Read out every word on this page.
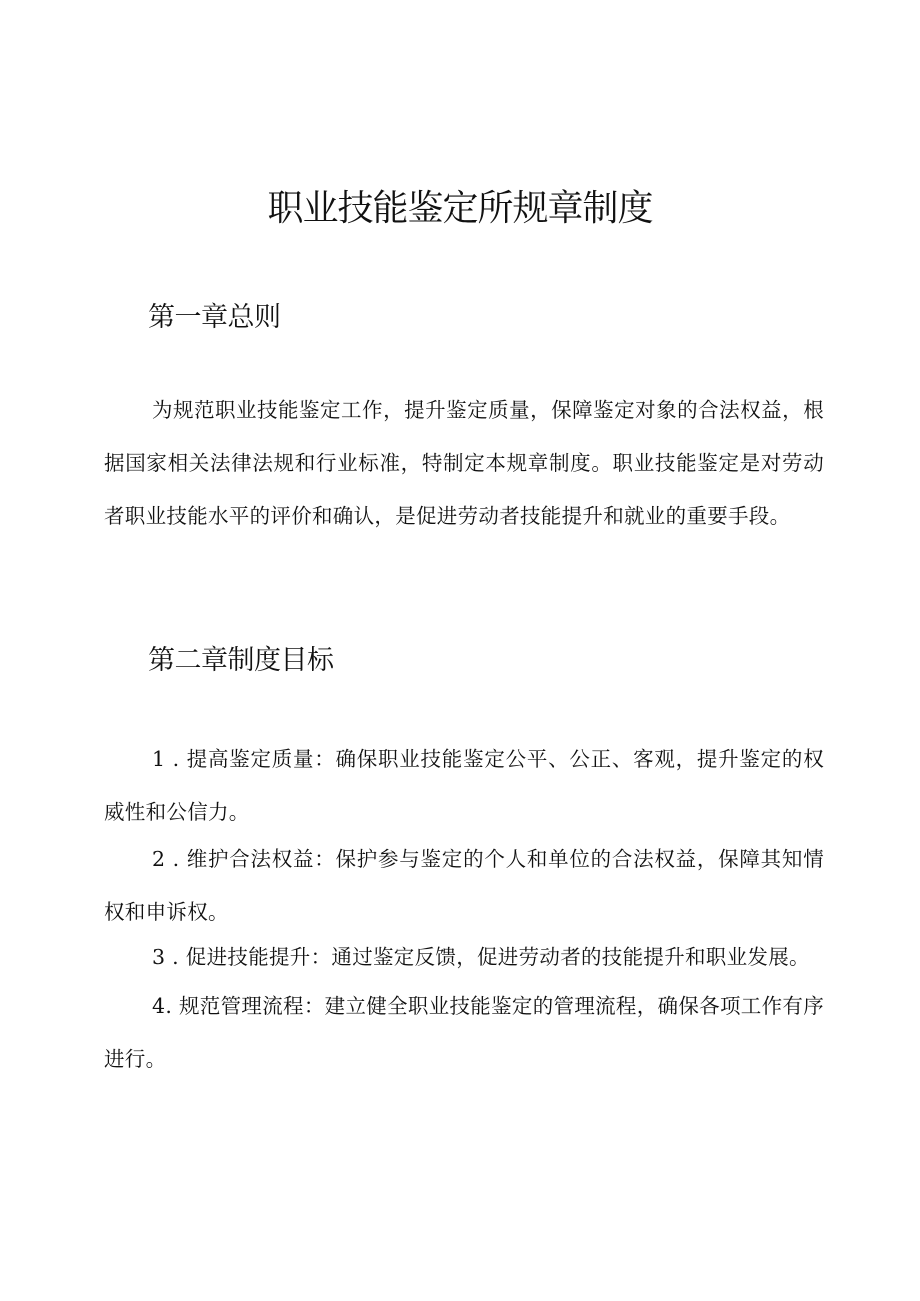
职业技能鉴定所规章制度
第一章总则

为规范职业技能鉴定工作，提升鉴定质量，保障鉴定对象的合法权益，根据国家相关法律法规和行业标准，特制定本规章制度。职业技能鉴定是对劳动者职业技能水平的评价和确认，是促进劳动者技能提升和就业的重要手段。

第二章制度目标

1 . 提高鉴定质量：确保职业技能鉴定公平、公正、客观，提升鉴定的权威性和公信力。

2 . 维护合法权益：保护参与鉴定的个人和单位的合法权益，保障其知情权和申诉权。

3 . 促进技能提升：通过鉴定反馈，促进劳动者的技能提升和职业发展。

4. 规范管理流程：建立健全职业技能鉴定的管理流程，确保各项工作有序进行。
